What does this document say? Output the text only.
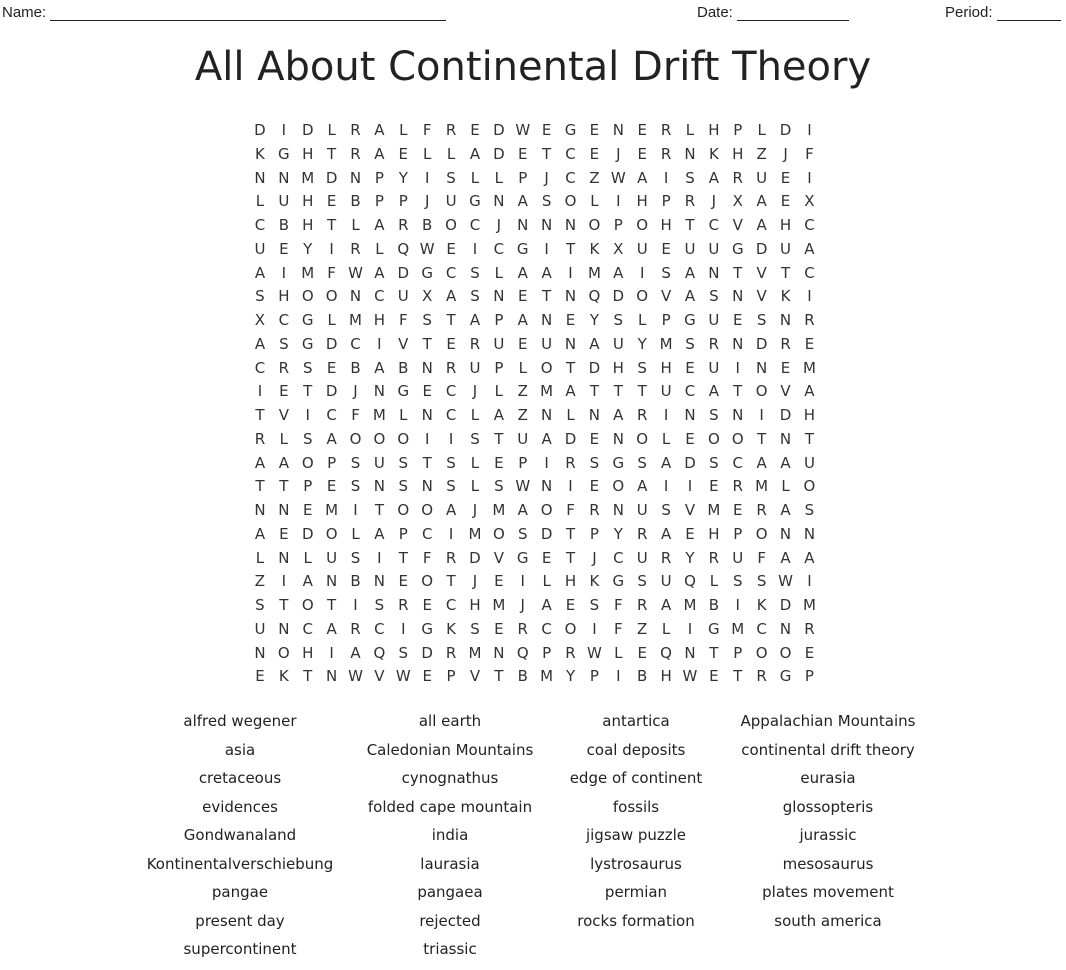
Name:	Date:	Period:
All About Continental Drift Theory
D	I	D L R A L	F R E D W E G E N E R L H P	L D	I
K G H T R A E L	L A D E T C E	J	E R N K H Z	J	F
N N M D N P Y	I	S L	L	P	J	C Z W A	I	S A R U E	I
L U H E B P P	J	U G N A S O L	I	H P R	J	X A E X
C B H T	L A R B O C	J	N N N O P O H T C V A H C
U E Y	I	R L Q W E	I	C G	I	T K X U E U U G D U A
A	I	M F W A D G C S L A A	I	M A	I	S A N T V T C
S H O O N C U X A S N E T N Q D O V A S N V K	I
X C G L M H F S T A P A N E Y S L	P G U E S N R
A S G D C	I	V T E R U E U N A U Y M S R N D R E
C R S E B A B N R U P	L O T D H S H E U	I	N E M
I	E T D	J	N G E C	J	L Z M A T T T U C A T O V A
T V	I	C F M L N C L A Z N L N A R	I	N S N	I	D H
R L S A O O O	I	I	S T U A D E N O L E O O T N T
A A O P S U S T S L E P	I	R S G S A D S C A A U
T T P E S N S N S L S W N	I	E O A	I	I	E R M L O
N N E M	I	T O O A	J	M A O F R N U S V M E R A S
A E D O L A P C	I	M O S D T P Y R A E H P O N N
L N L U S	I	T F R D V G E T	J	C U R Y R U F A A
Z	I	A N B N E O T	J	E	I	L H K G S U Q L S S W I
S T O T	I	S R E C H M	J	A E S F R A M B	I	K D M
U N C A R C	I	G K S E R C O	I	F Z L	I	G M C N R
N O H	I	A Q S D R M N Q P R W L E Q N T P O O E
E K T N W V W E P V T B M Y P	I	B H W E T R G P
alfred wegener	all earth	antartica	Appalachian Mountains
asia	Caledonian Mountains	coal deposits	continental drift theory
cretaceous	cynognathus	edge of continent	eurasia
evidences	folded cape mountain	fossils	glossopteris
Gondwanaland	india	jigsaw puzzle	jurassic
Kontinentalverschiebung	laurasia	lystrosaurus	mesosaurus
pangae	pangaea	permian	plates movement
present day	rejected	rocks formation	south america
supercontinent	triassic
